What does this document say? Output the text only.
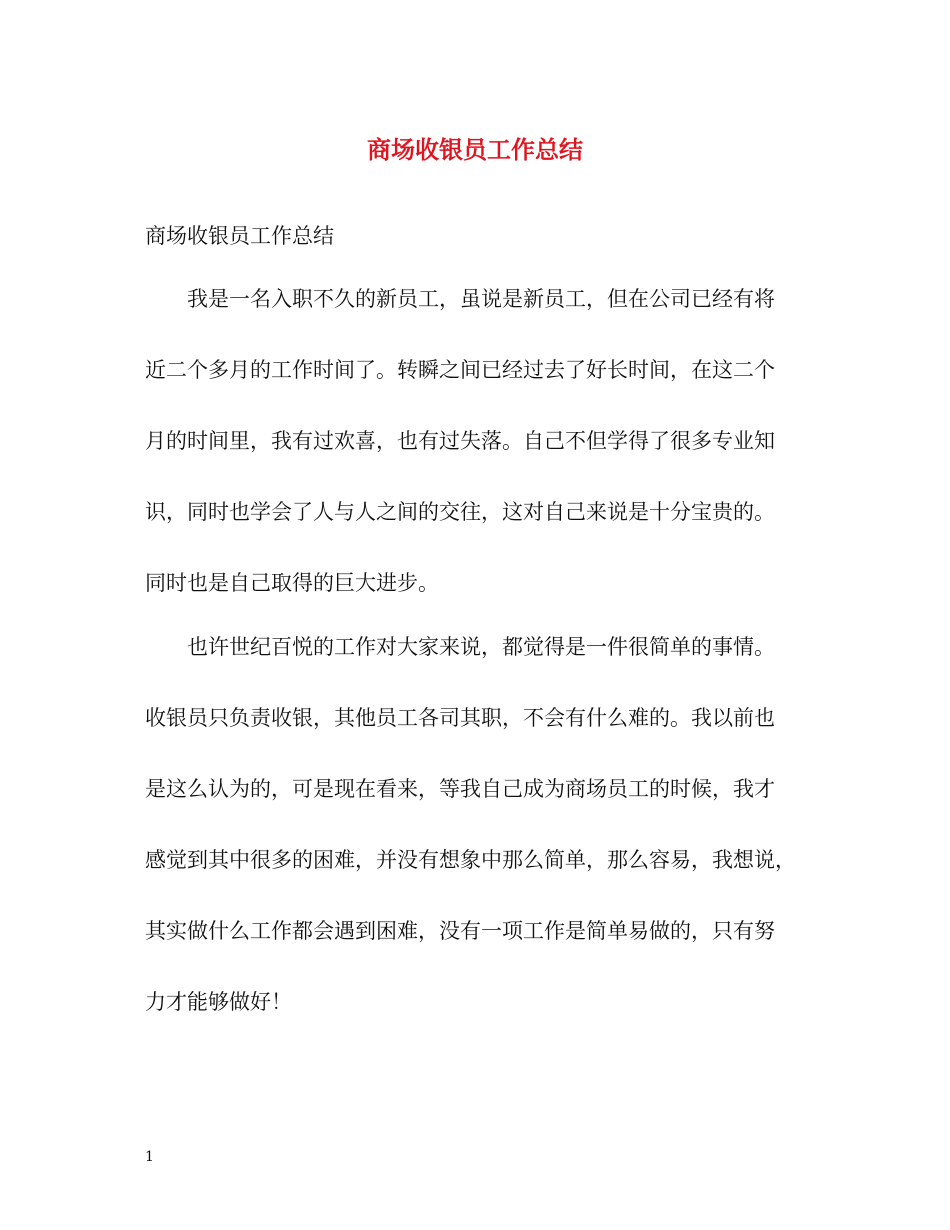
商场收银员工作总结
商场收银员工作总结
我是一名入职不久的新员工，虽说是新员工，但在公司已经有将
近二个多月的工作时间了。转瞬之间已经过去了好长时间，在这二个
月的时间里，我有过欢喜，也有过失落。自己不但学得了很多专业知
识，同时也学会了人与人之间的交往，这对自己来说是十分宝贵的。
同时也是自己取得的巨大进步。
也许世纪百悦的工作对大家来说，都觉得是一件很简单的事情。
收银员只负责收银，其他员工各司其职，不会有什么难的。我以前也
是这么认为的，可是现在看来，等我自己成为商场员工的时候，我才
感觉到其中很多的困难，并没有想象中那么简单，那么容易，我想说，
其实做什么工作都会遇到困难，没有一项工作是简单易做的，只有努
力才能够做好！
1
